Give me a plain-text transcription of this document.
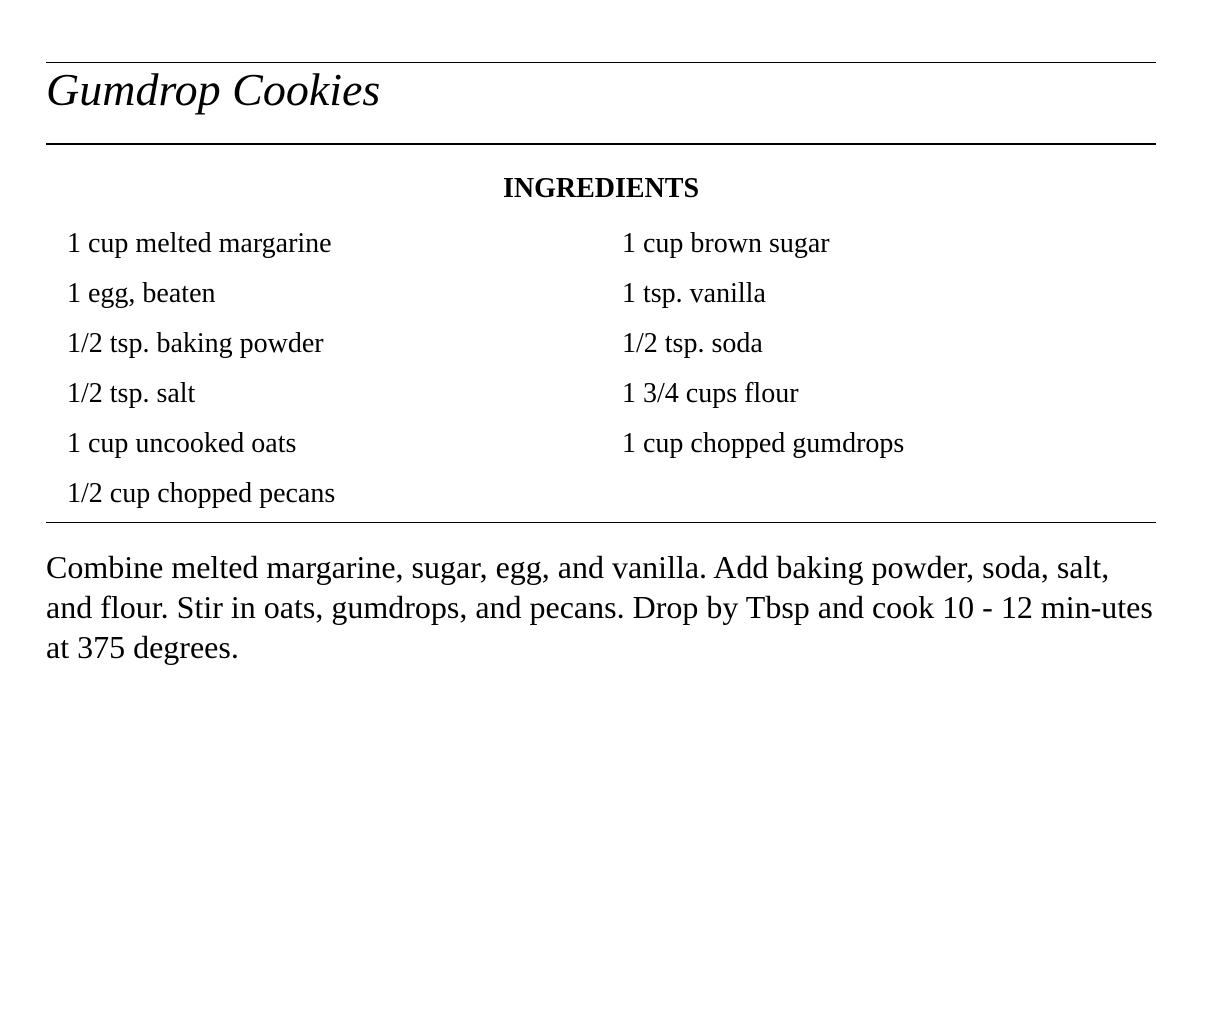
Gumdrop Cookies
INGREDIENTS
1 cup melted margarine	1 cup brown sugar
1 egg, beaten	1 tsp. vanilla
1/2 tsp. baking powder	1/2 tsp. soda
1/2 tsp. salt	1 3/4 cups flour
1 cup uncooked oats	1 cup chopped gumdrops
1/2 cup chopped pecans
Combine melted margarine, sugar, egg, and vanilla. Add baking powder, soda, salt, and flour. Stir in oats, gumdrops, and pecans. Drop by Tbsp and cook 10 - 12 min-utes at 375 degrees.
